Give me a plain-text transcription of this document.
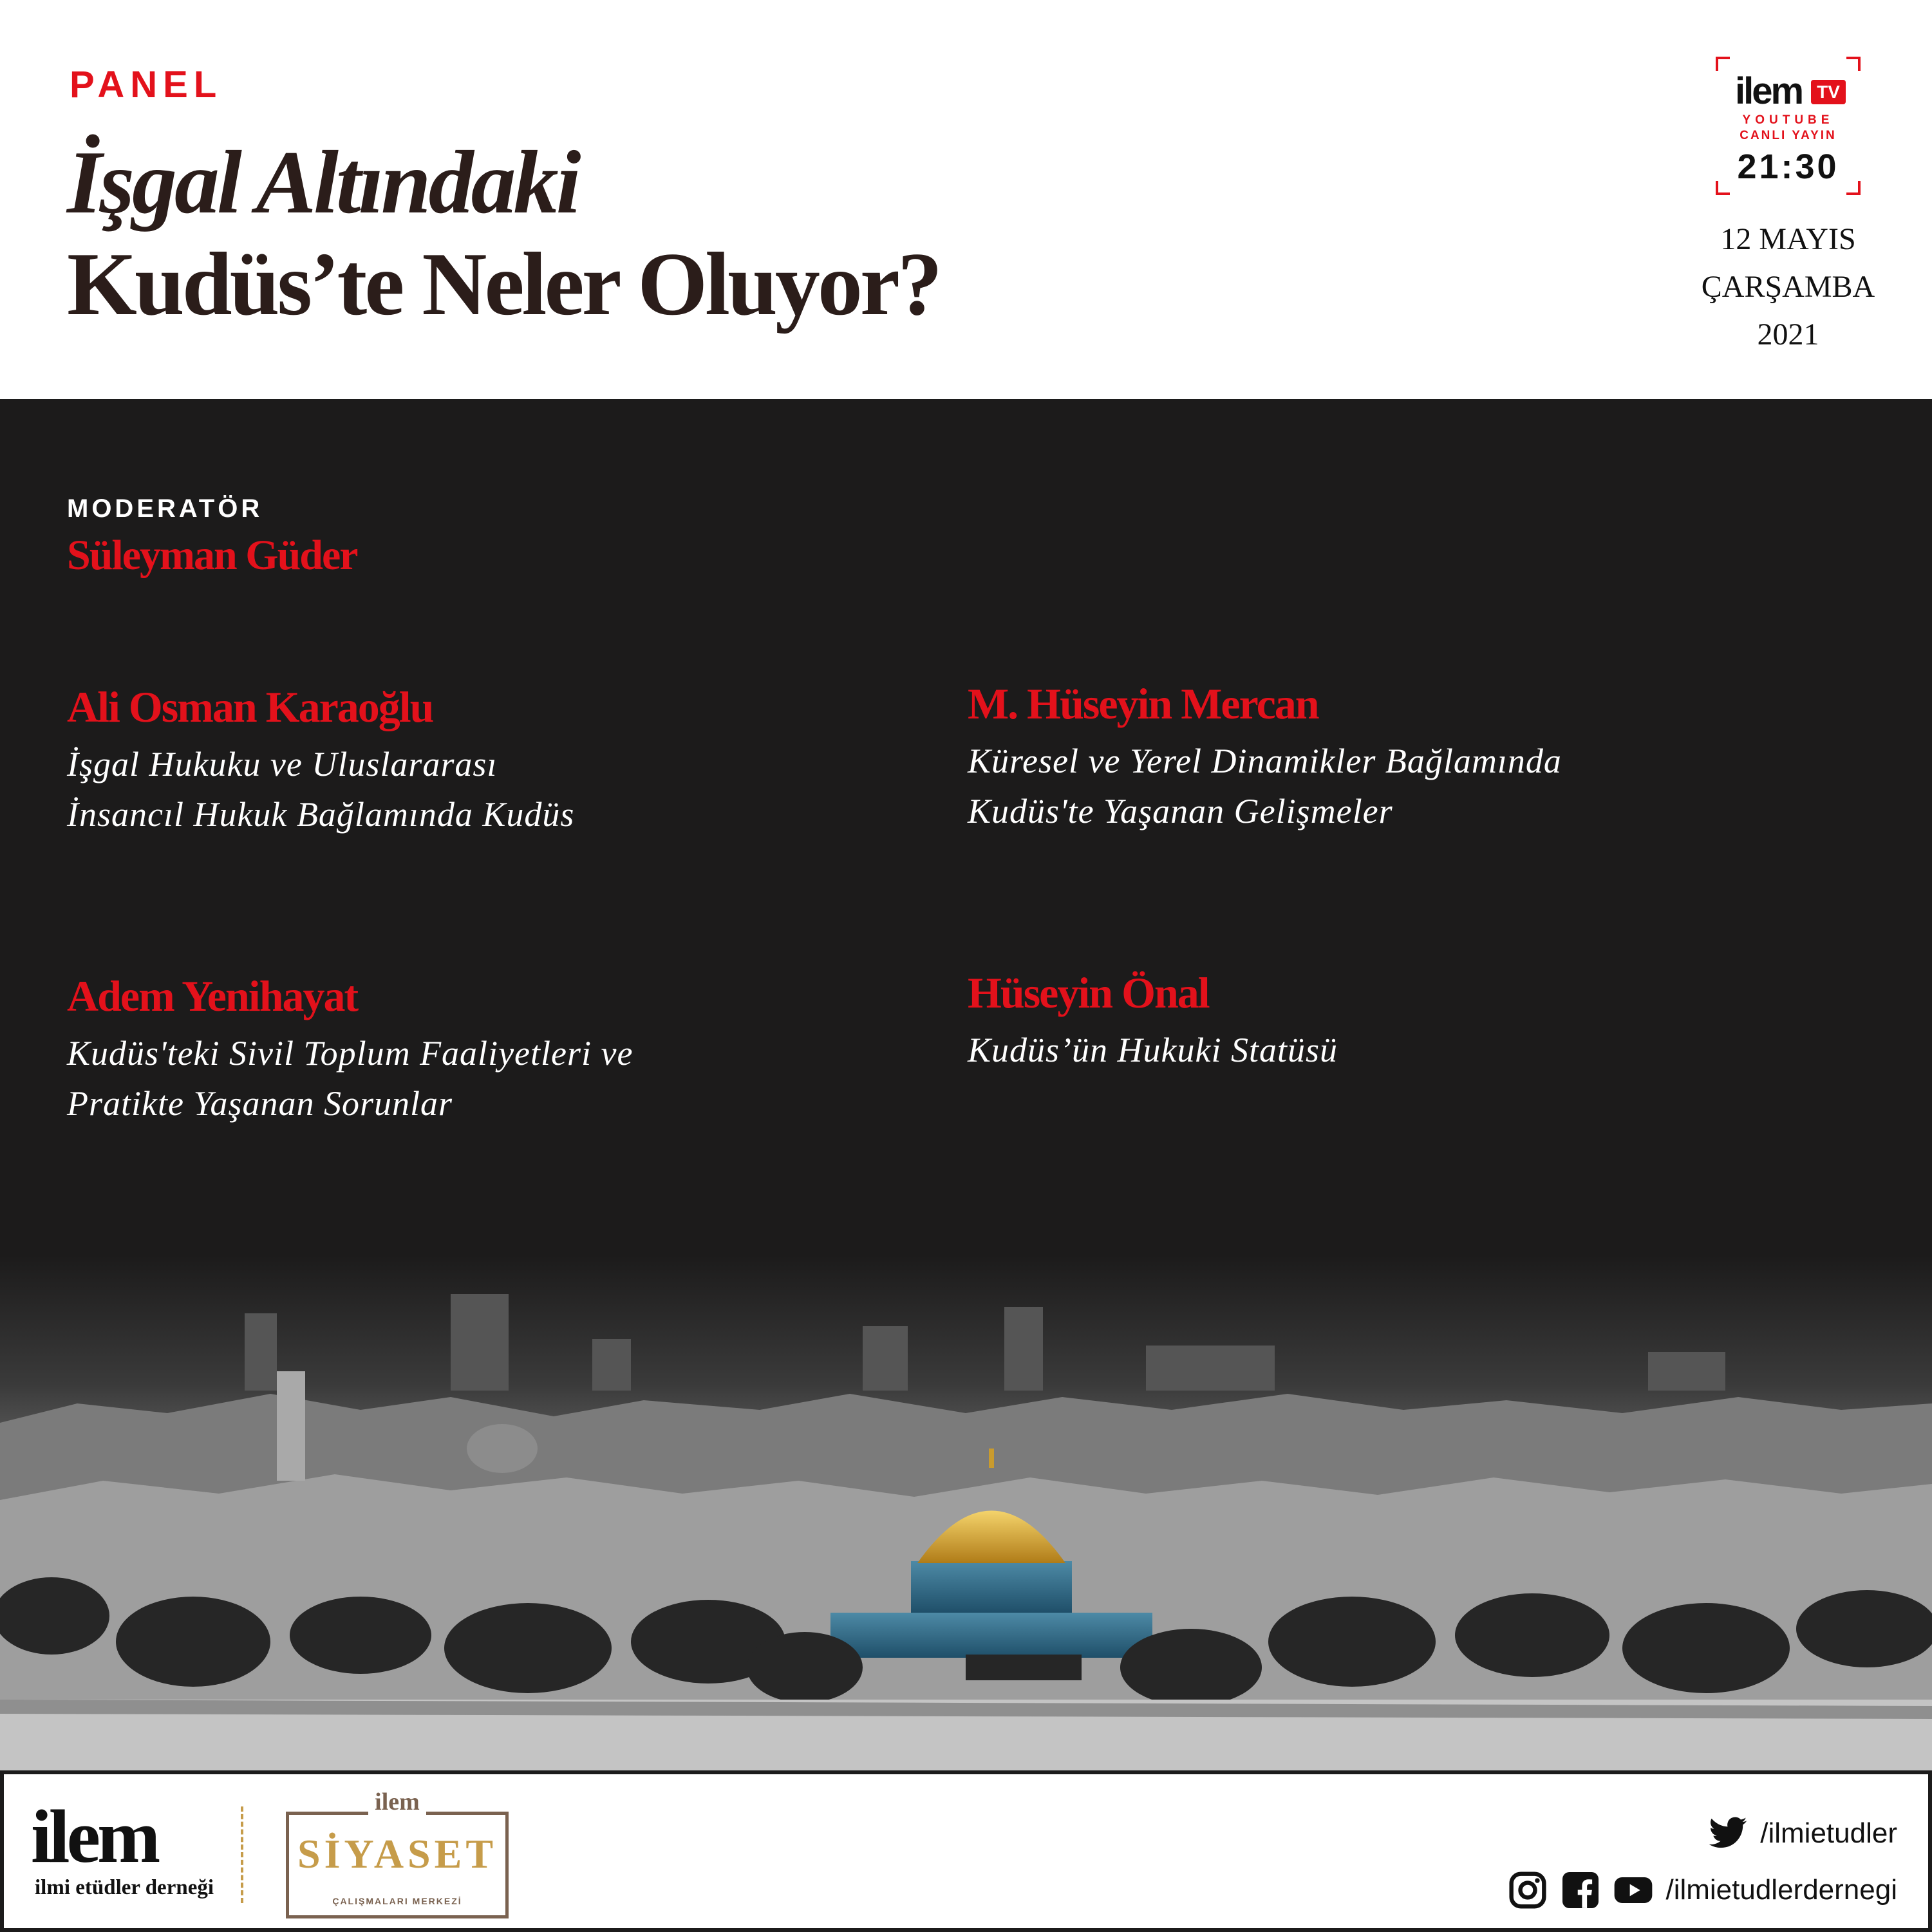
PANEL
İşgal Altındaki
Kudüs’te Neler Oluyor?
ilem TV
YOUTUBE
CANLI YAYIN
21:30
12 MAYIS
ÇARŞAMBA
2021
MODERATÖR
Süleyman Güder
Ali Osman Karaoğlu
İşgal Hukuku ve Uluslararası
İnsancıl Hukuk Bağlamında Kudüs
M. Hüseyin Mercan
Küresel ve Yerel Dinamikler Bağlamında
Kudüs'te Yaşanan Gelişmeler
Adem Yenihayat
Kudüs'teki Sivil Toplum Faaliyetleri ve
Pratikte Yaşanan Sorunlar
Hüseyin Önal
Kudüs’ün Hukuki Statüsü
ilem
ilmi etüdler derneği
ilem
SİYASET
ÇALIŞMALARI MERKEZİ
/ilmietudler
/ilmietudlerdernegi
